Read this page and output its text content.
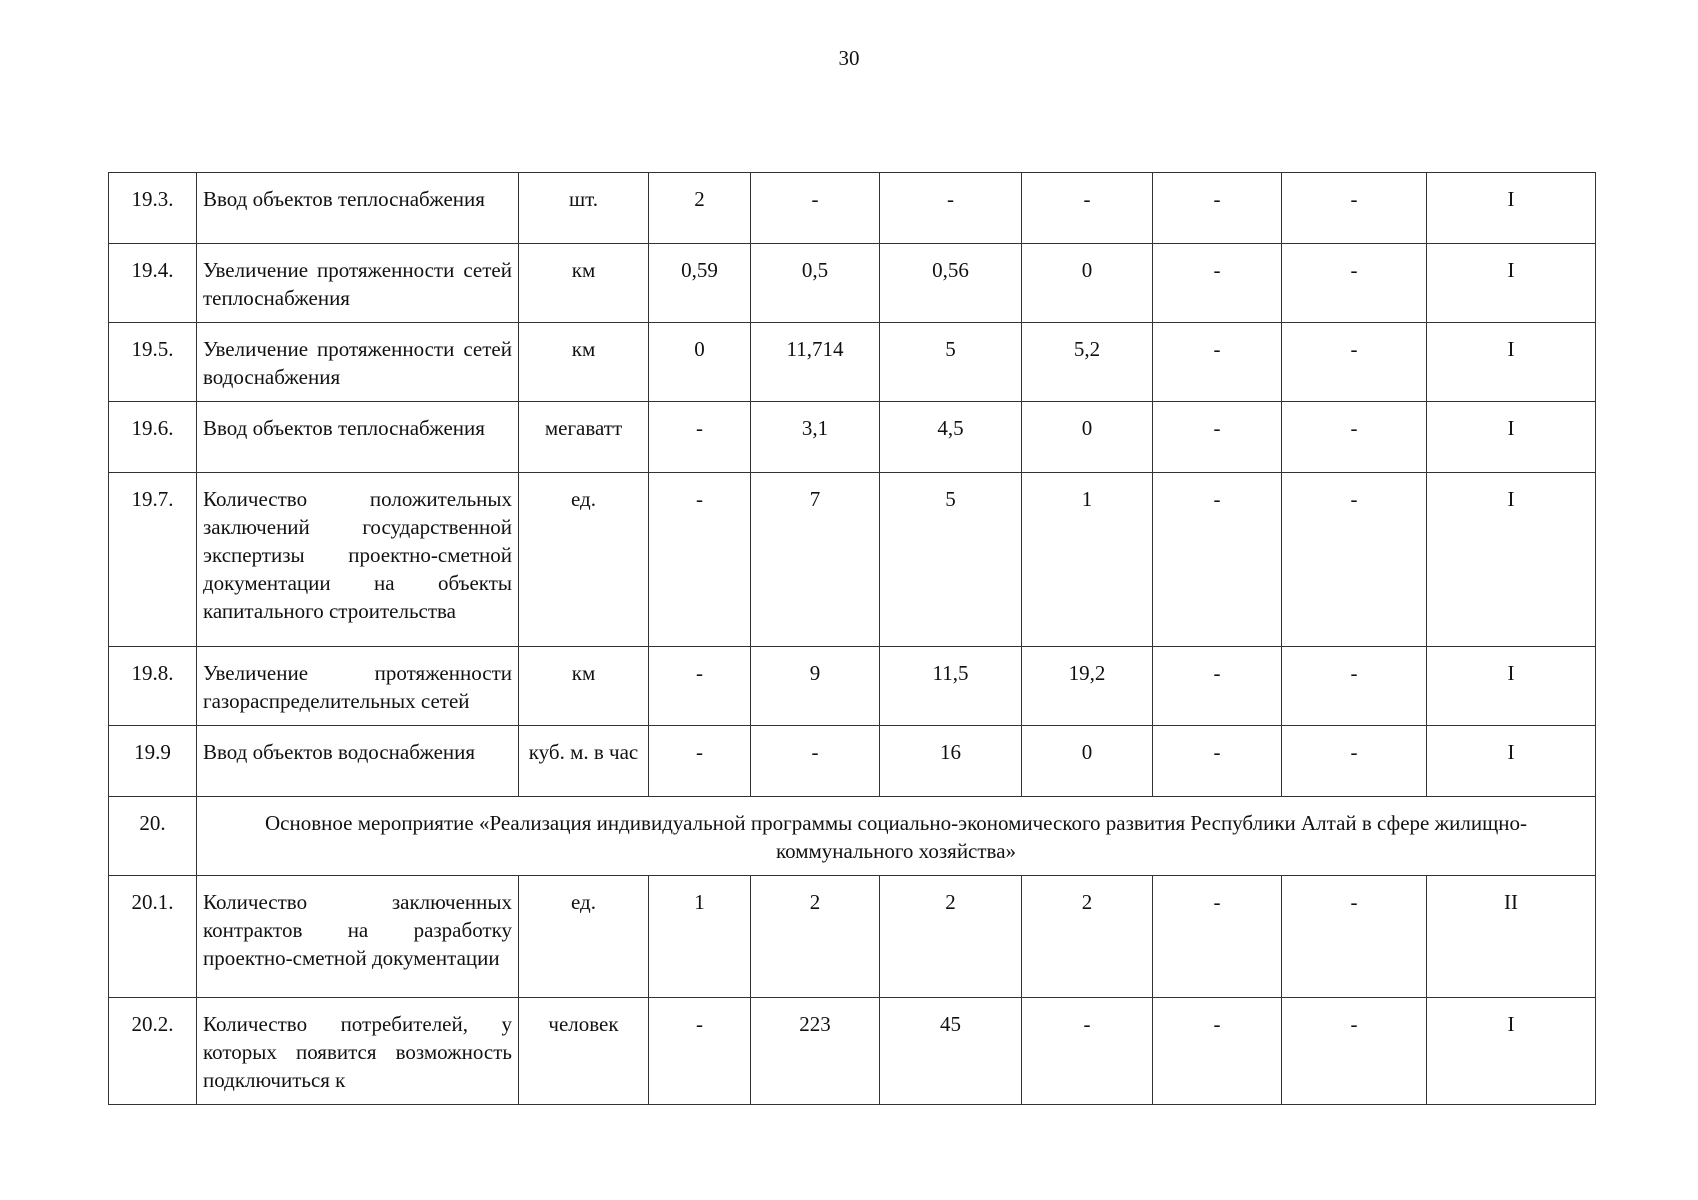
30
19.3.	Ввод объектов теплоснабжения	шт.	2	-	-	-	-	-	I
19.4.	Увеличение протяженности сетей теплоснабжения	км	0,59	0,5	0,56	0	-	-	I
19.5.	Увеличение протяженности сетей водоснабжения	км	0	11,714	5	5,2	-	-	I
19.6.	Ввод объектов теплоснабжения	мегаватт	-	3,1	4,5	0	-	-	I
19.7.	Количество положительных заключений государственной экспертизы проектно-сметной документации на объекты капитального строительства	ед.	-	7	5	1	-	-	I
19.8.	Увеличение протяженности газораспределительных сетей	км	-	9	11,5	19,2	-	-	I
19.9	Ввод объектов водоснабжения	куб. м. в час	-	-	16	0	-	-	I
20.	Основное мероприятие «Реализация индивидуальной программы социально-экономического развития Республики Алтай в сфере жилищно-коммунального хозяйства»								
20.1.	Количество заключенных контрактов на разработку проектно-сметной документации	ед.	1	2	2	2	-	-	II
20.2.	Количество потребителей, у которых появится возможность подключиться к	человек	-	223	45	-	-	-	I
